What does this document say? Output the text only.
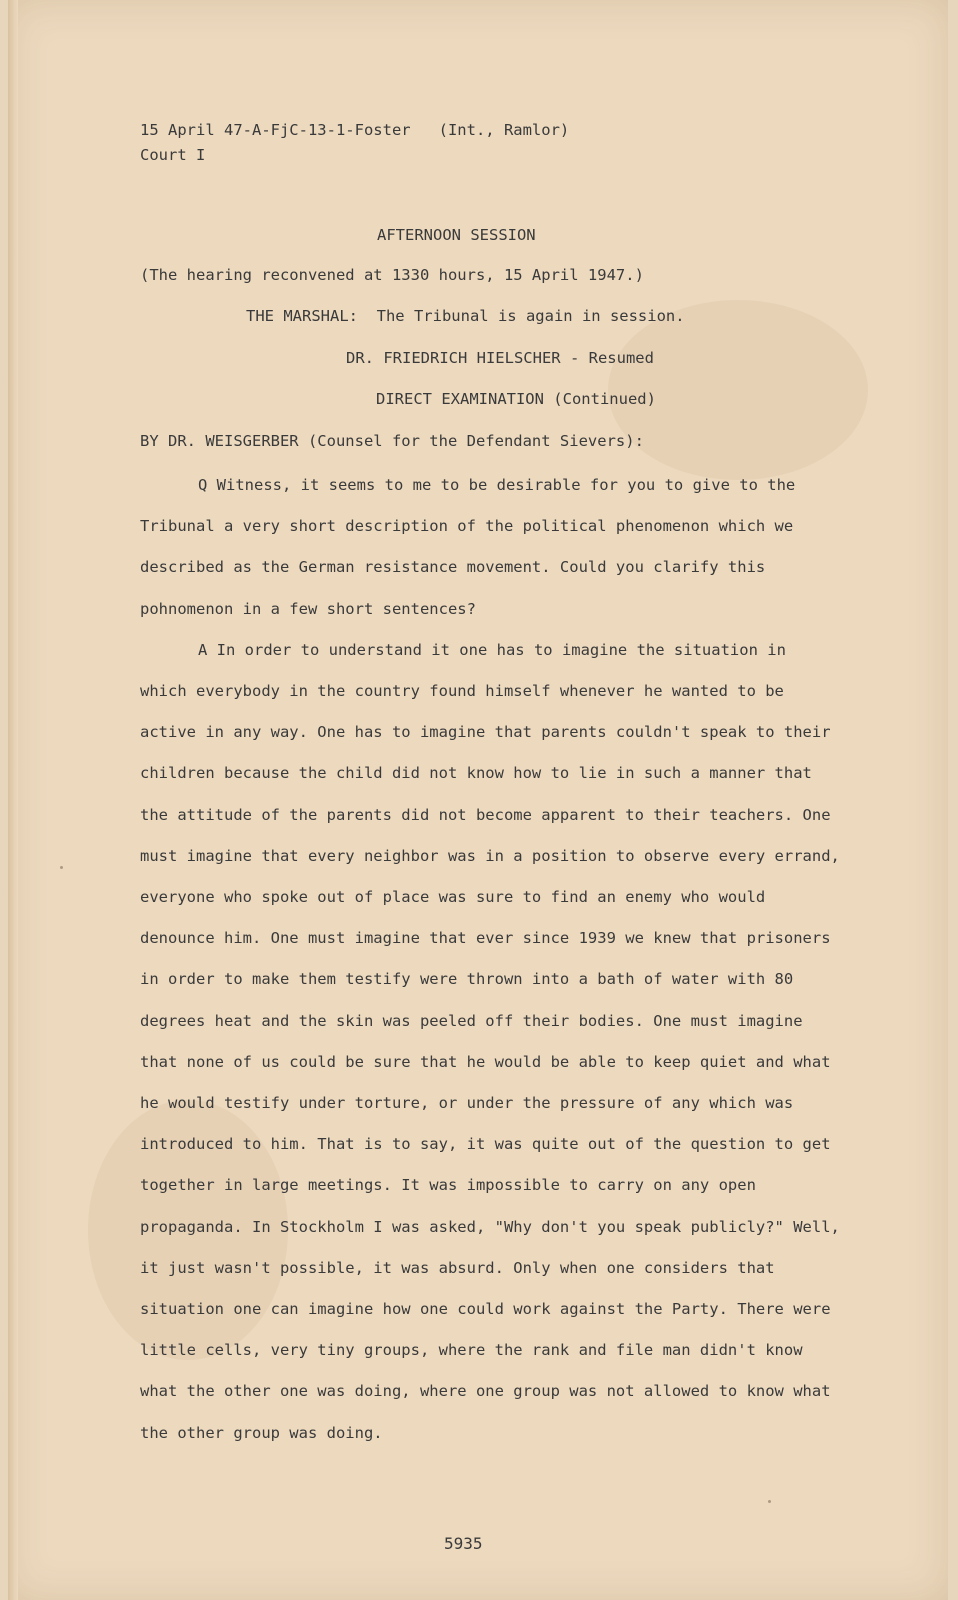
15 April 47-A-FjC-13-1-Foster   (Int., Ramlor)
Court I
AFTERNOON SESSION
(The hearing reconvened at 1330 hours, 15 April 1947.)
THE MARSHAL:  The Tribunal is again in session.
DR. FRIEDRICH HIELSCHER - Resumed
DIRECT EXAMINATION (Continued)
BY DR. WEISGERBER (Counsel for the Defendant Sievers):

Q Witness, it seems to me to be desirable for you to give to the Tribunal a very short description of the political phenomenon which we described as the German resistance movement. Could you clarify this pohnomenon in a few short sentences?

A In order to understand it one has to imagine the situation in which everybody in the country found himself whenever he wanted to be active in any way. One has to imagine that parents couldn't speak to their children because the child did not know how to lie in such a manner that the attitude of the parents did not become apparent to their teachers. One must imagine that every neighbor was in a position to observe every errand, everyone who spoke out of place was sure to find an enemy who would denounce him. One must imagine that ever since 1939 we knew that prisoners in order to make them testify were thrown into a bath of water with 80 degrees heat and the skin was peeled off their bodies. One must imagine that none of us could be sure that he would be able to keep quiet and what he would testify under torture, or under the pressure of any which was introduced to him. That is to say, it was quite out of the question to get together in large meetings. It was impossible to carry on any open propaganda. In Stockholm I was asked, "Why don't you speak publicly?" Well, it just wasn't possible, it was absurd. Only when one considers that situation one can imagine how one could work against the Party. There were little cells, very tiny groups, where the rank and file man didn't know what the other one was doing, where one group was not allowed to know what the other group was doing.

5935
